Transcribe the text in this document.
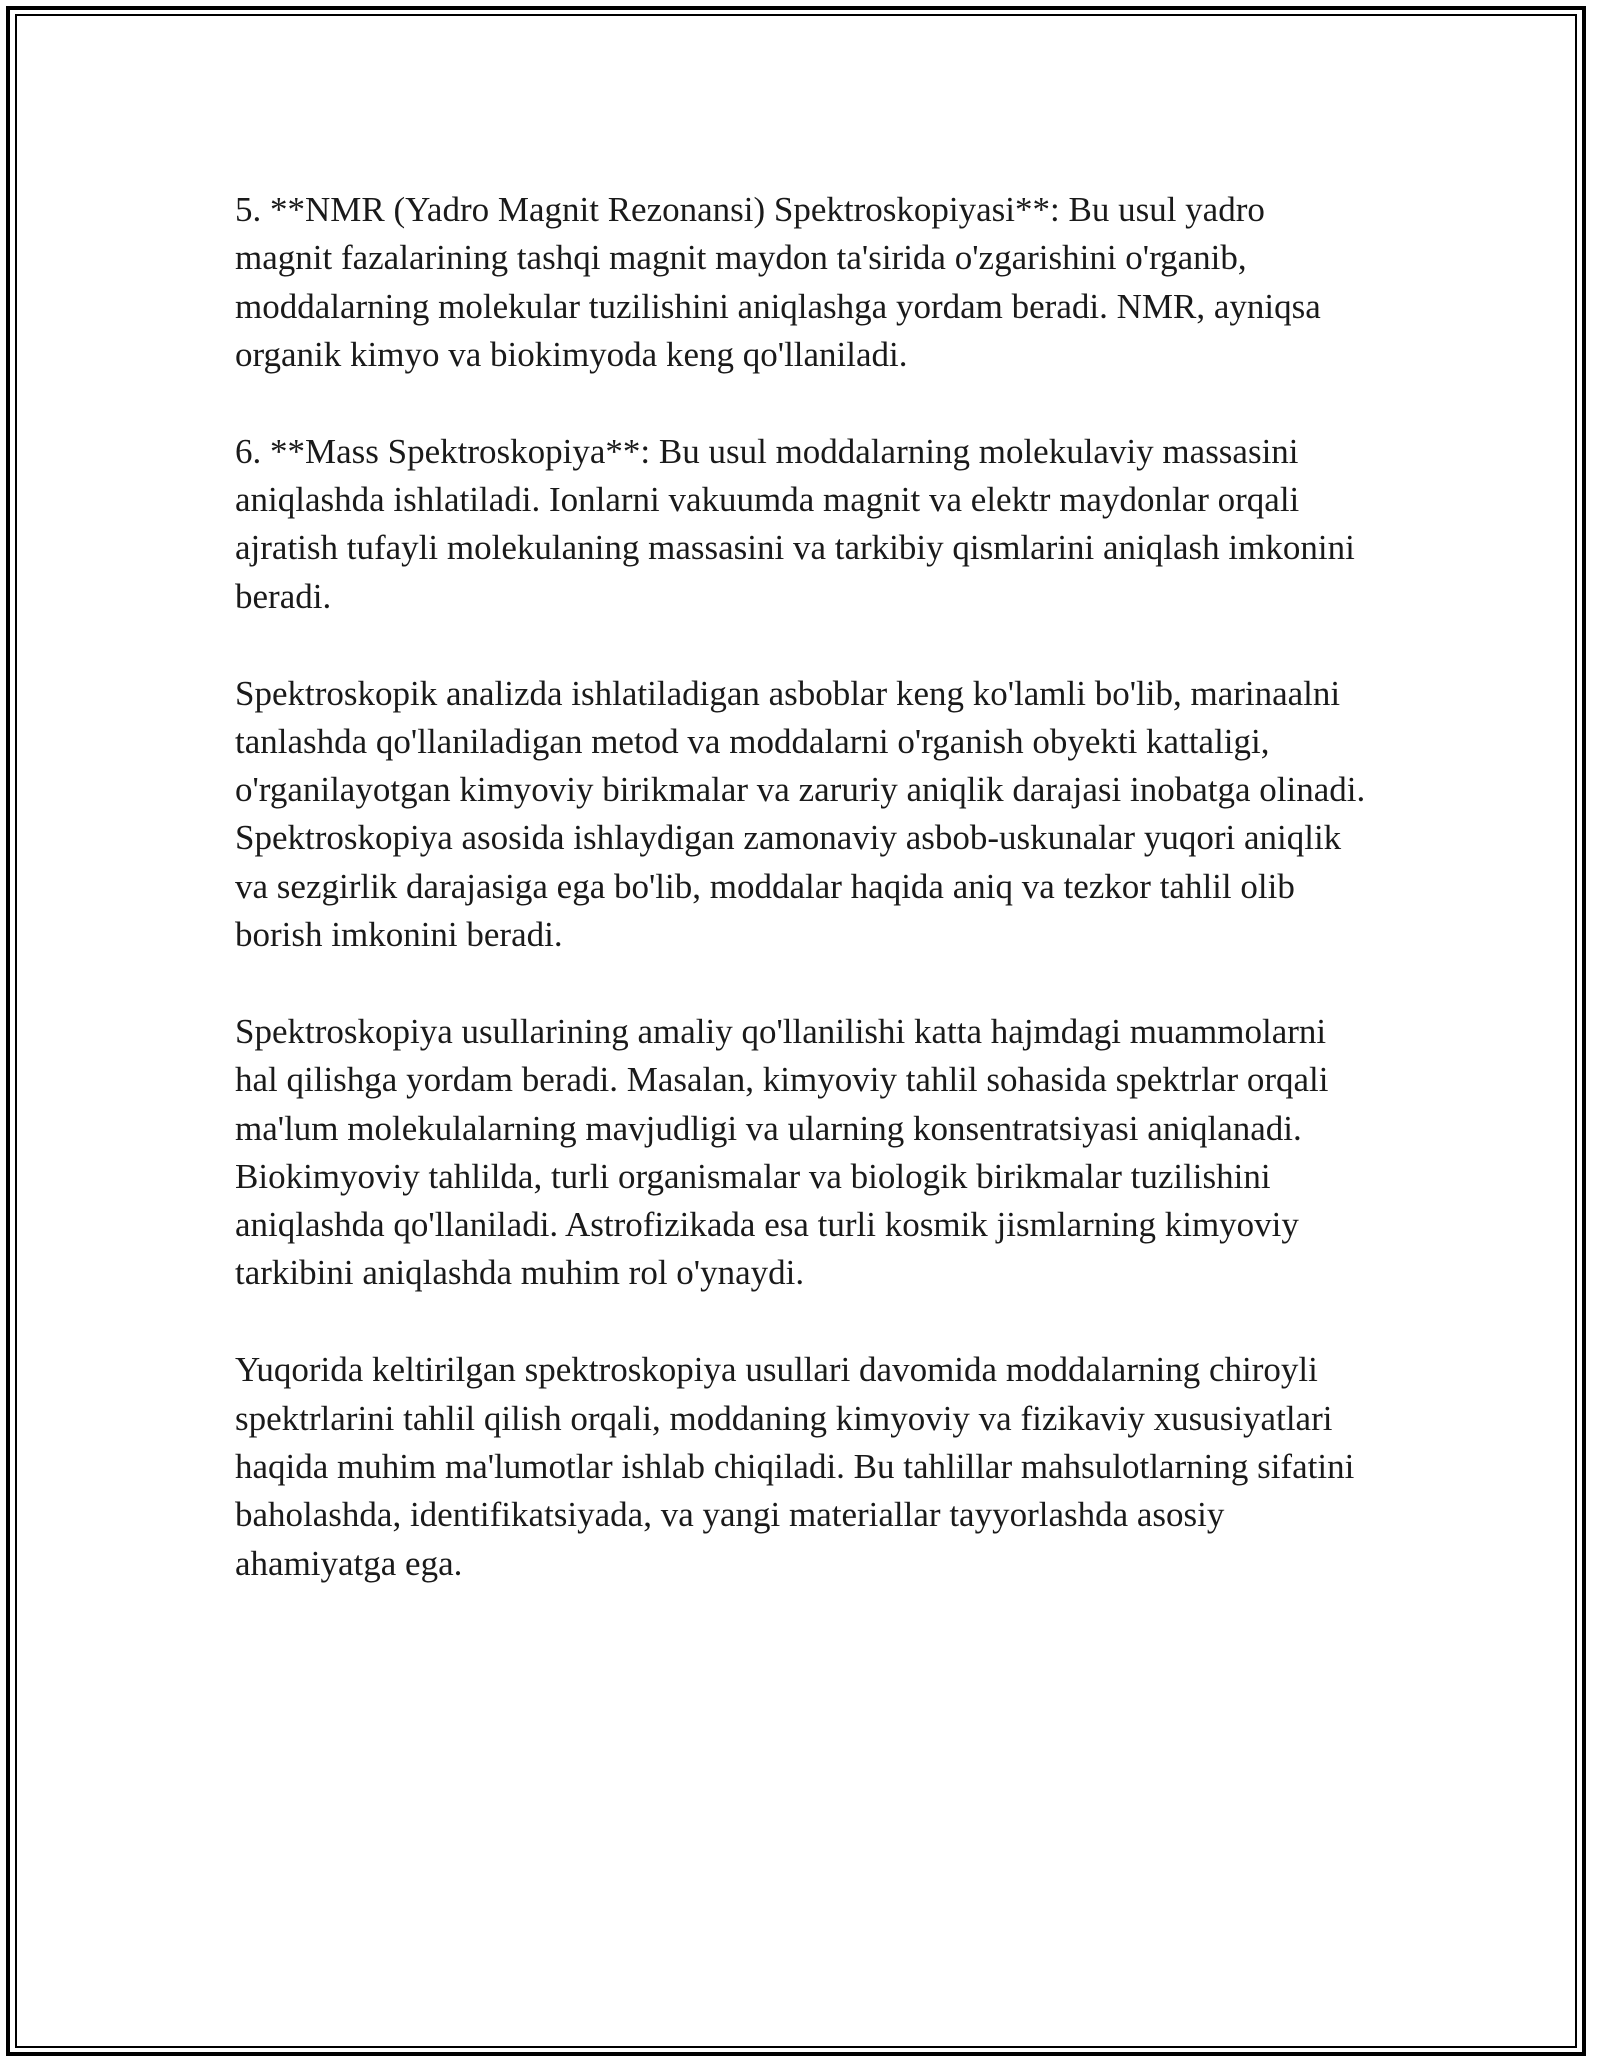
5. **NMR (Yadro Magnit Rezonansi) Spektroskopiyasi**: Bu usul yadro magnit fazalarining tashqi magnit maydon ta'sirida o'zgarishini o'rganib, moddalarning molekular tuzilishini aniqlashga yordam beradi. NMR, ayniqsa organik kimyo va biokimyoda keng qo'llaniladi.

6. **Mass Spektroskopiya**: Bu usul moddalarning molekulaviy massasini aniqlashda ishlatiladi. Ionlarni vakuumda magnit va elektr maydonlar orqali ajratish tufayli molekulaning massasini va tarkibiy qismlarini aniqlash imkonini beradi.

Spektroskopik analizda ishlatiladigan asboblar keng ko'lamli bo'lib, marinaalni tanlashda qo'llaniladigan metod va moddalarni o'rganish obyekti kattaligi, o'rganilayotgan kimyoviy birikmalar va zaruriy aniqlik darajasi inobatga olinadi. Spektroskopiya asosida ishlaydigan zamonaviy asbob-uskunalar yuqori aniqlik va sezgirlik darajasiga ega bo'lib, moddalar haqida aniq va tezkor tahlil olib borish imkonini beradi.

Spektroskopiya usullarining amaliy qo'llanilishi katta hajmdagi muammolarni hal qilishga yordam beradi. Masalan, kimyoviy tahlil sohasida spektrlar orqali ma'lum molekulalarning mavjudligi va ularning konsentratsiyasi aniqlanadi. Biokimyoviy tahlilda, turli organismalar va biologik birikmalar tuzilishini aniqlashda qo'llaniladi. Astrofizikada esa turli kosmik jismlarning kimyoviy tarkibini aniqlashda muhim rol o'ynaydi.

Yuqorida keltirilgan spektroskopiya usullari davomida moddalarning chiroyli spektrlarini tahlil qilish orqali, moddaning kimyoviy va fizikaviy xususiyatlari haqida muhim ma'lumotlar ishlab chiqiladi. Bu tahlillar mahsulotlarning sifatini baholashda, identifikatsiyada, va yangi materiallar tayyorlashda asosiy ahamiyatga ega.
